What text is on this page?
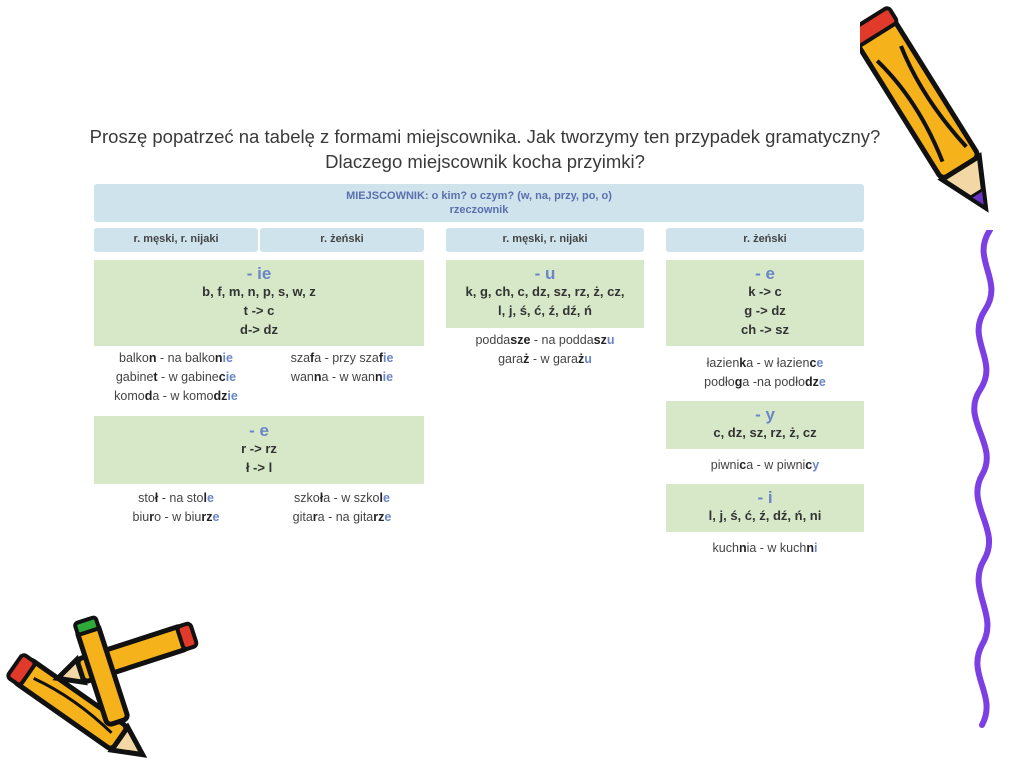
Proszę popatrzeć na tabelę z formami miejscownika. Jak tworzymy ten przypadek gramatyczny?
Dlaczego miejscownik kocha przyimki?
MIEJSCOWNIK: o kim? o czym? (w, na, przy, po, o)
rzeczownik
r. męski, r. nijaki	r. żeński	r. męski, r. nijaki	r. żeński
- ie
b, f, m, n, p, s, w, z
t -> c
d-> dz
balkon - na balkonie
gabinet - w gabinecie
komoda - w komodzie
szafa - przy szafie
wanna - w wannie
- e
r -> rz
ł -> l
stoł - na stole
biuro - w biurze
szkoła - w szkole
gitara - na gitarze
- u
k, g, ch, c, dz, sz, rz, ż, cz,
l, j, ś, ć, ź, dź, ń
poddasze - na poddaszu
garaż - w garażu
- e
k -> c
g -> dz
ch -> sz
łazienka - w łazience
podłoga -na podłodze
- y
c, dz, sz, rz, ż, cz
piwnica - w piwnicy
- i
l, j, ś, ć, ź, dź, ń, ni
kuchnia - w kuchni
